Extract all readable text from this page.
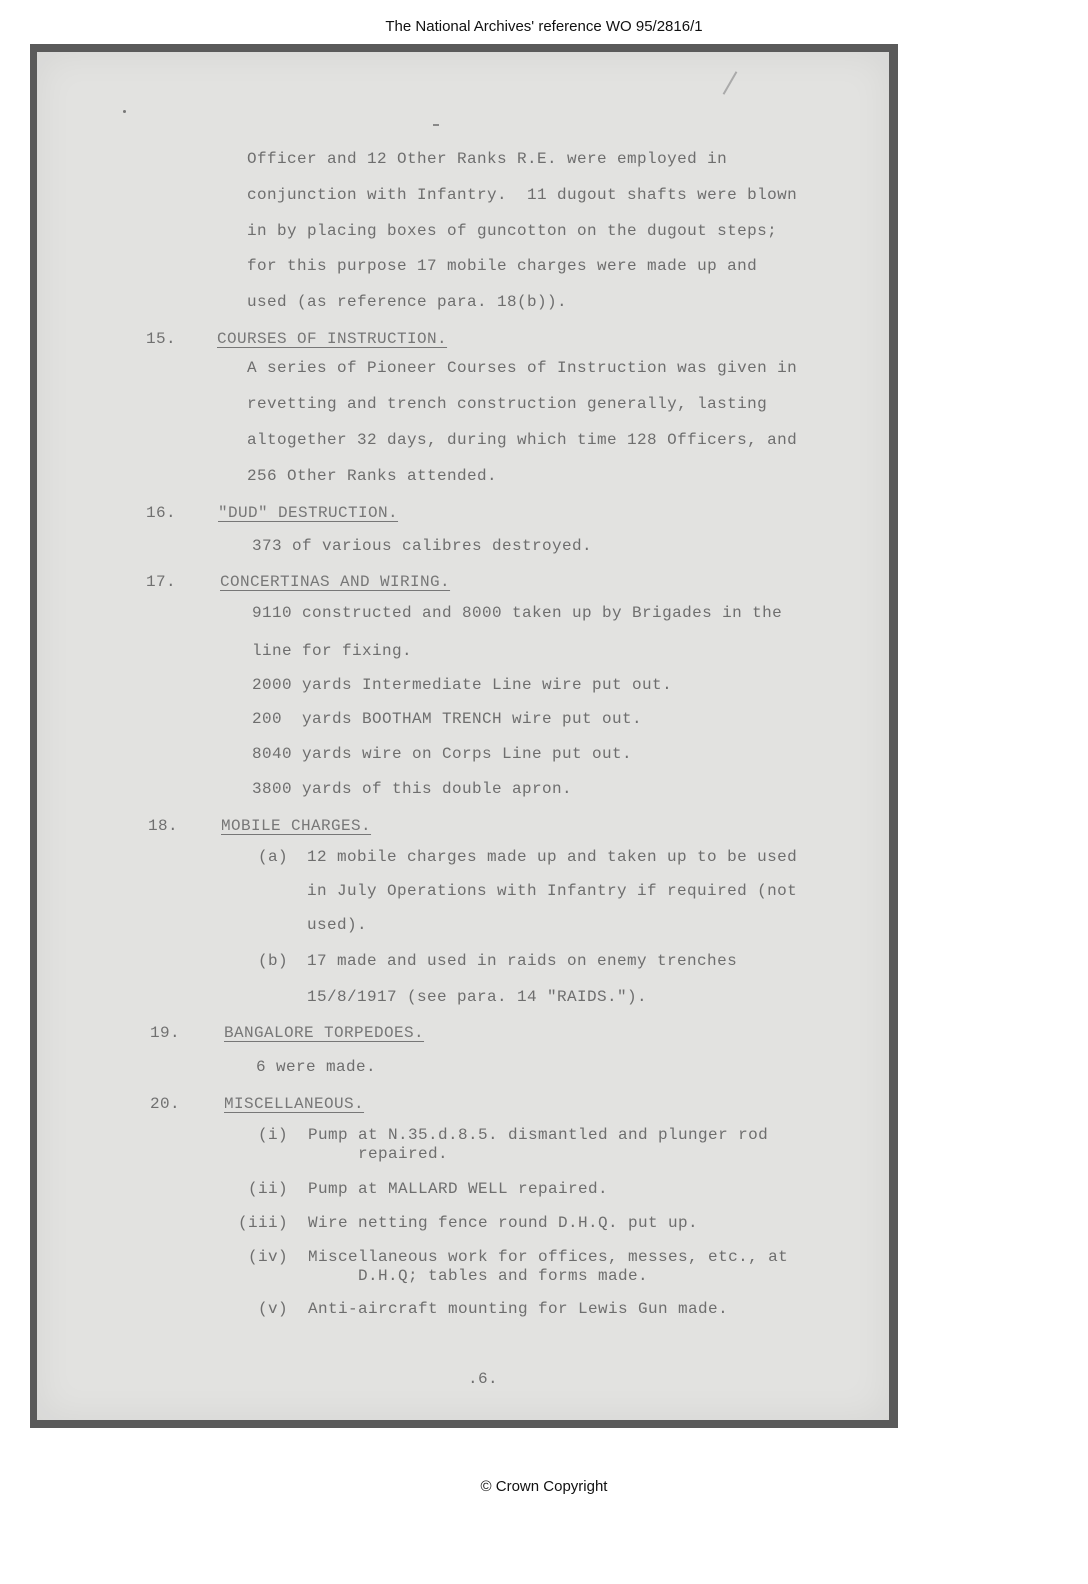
The National Archives' reference WO 95/2816/1
Officer and 12 Other Ranks R.E. were employed in
conjunction with Infantry.  11 dugout shafts were blown
in by placing boxes of guncotton on the dugout steps;
for this purpose 17 mobile charges were made up and
used (as reference para. 18(b)).
15.	COURSES OF INSTRUCTION.
A series of Pioneer Courses of Instruction was given in
revetting and trench construction generally, lasting
altogether 32 days, during which time 128 Officers, and
256 Other Ranks attended.
16.	"DUD" DESTRUCTION.
373 of various calibres destroyed.
17.	CONCERTINAS AND WIRING.
9110 constructed and 8000 taken up by Brigades in the
line for fixing.
2000 yards Intermediate Line wire put out.
200  yards BOOTHAM TRENCH wire put out.
8040 yards wire on Corps Line put out.
3800 yards of this double apron.
18.	MOBILE CHARGES.
(a) 12 mobile charges made up and taken up to be used
in July Operations with Infantry if required (not
used).
(b) 17 made and used in raids on enemy trenches
15/8/1917 (see para. 14 "RAIDS.").
19.	BANGALORE TORPEDOES.
6 were made.
20.	MISCELLANEOUS.
(i) Pump at N.35.d.8.5. dismantled and plunger rod
repaired.
(ii) Pump at MALLARD WELL repaired.
(iii) Wire netting fence round D.H.Q. put up.
(iv) Miscellaneous work for offices, messes, etc., at
D.H.Q; tables and forms made.
(v) Anti-aircraft mounting for Lewis Gun made.
.6.
© Crown Copyright
